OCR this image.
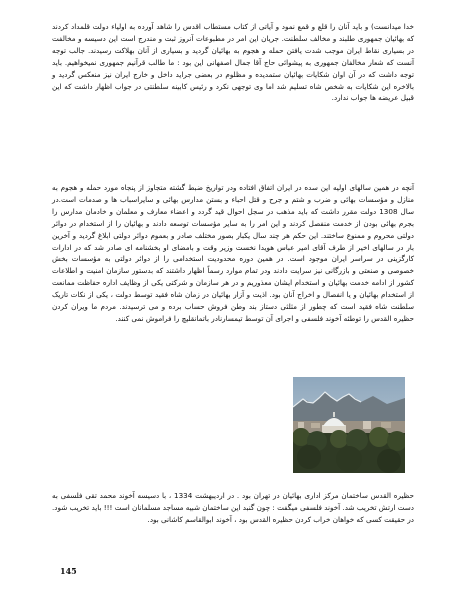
خدا میدانست) و باید آنان را قلع و قمع نمود و آیاتی از کتاب مستطاب اقدس را شاهد آورده به اولیاء دولت قلمداد کردند که بهائیان جمهوری طلبند و مخالف سلطنت. جریان این امر در مطبوعات آنروز ثبت و مندرج است این دسیسه و مخالفت در بسیاری نقاط ایران موجب شدت یافتن حمله و هجوم به بهائیان گردید و بسیاری از آنان بهلاکت رسیدند. جالب توجه آنست که شعار مخالفان جمهوری به پیشوائی حاج آقا جمال اصفهانی این بود : ما طالب قرآنیم جمهوری نمیخواهیم. باید توجه داشت که در آن اوان شکایات بهائیان ستمدیده و مظلوم در بعضی جراید داخل و خارج ایران نیز منعکس گردید و بالاخره این شکایات به شخص شاه تسلیم شد اما وی توجهی نکرد و رئیس کابینه سلطنتی در جواب اظهار داشت که این قبیل عریضه ها جواب ندارد.

آنچه در همین سالهای اولیه این سده در ایران اتفاق افتاده ودر تواریخ ضبط گشته متجاوز از پنجاه مورد حمله و هجوم به منازل و مؤسسات بهائی و ضرب و شتم و جرح و قتل احباء و بستن مدارس بهائی و سایراسباب ها و صدمات است.در سال 1308 دولت مقرر داشت که باید مذهب در سجل احوال قید گردد و اعضاء معارف و معلمان و خادمان مدارس را بجرم بهائی بودن از خدمت منفصل کردند و این امر را به سایر مؤسسات توسعه دادند و بهائیان را از استخدام در دوائر دولتی محروم و ممنوع ساختند. این حکم هر چند سال یکبار بصور مختلف صادر و بعموم دوائر دولتی ابلاغ گردید و آخرین بار در سالهای اخیر از طرف آقای امیر عباس هویدا نخست وزیر وقت و بامضای او بخشنامه ای صادر شد که در ادارات کارگزینی در سراسر ایران موجود است. در همین دوره محدودیت استخدامی را از دوائر دولتی به مؤسسات بخش خصوصی و صنعتی و بازرگانی نیز سرایت دادند ودر تمام موارد رسماً اظهار داشتند که بدستور سازمان امنیت و اطلاعات کشور از ادامه خدمت بهائیان و استخدام ایشان معذوریم و در هر سازمان و شرکتی یکی از وظایف اداره حفاظت ممانعت از استخدام بهائیان و یا انفصال و اخراج آنان بود. اذیت و آزار بهائیان در زمان شاه فقید توسط دولت ، یکی از نکات تاریک سلطنت شاه فقید است که چطور از مثلثی دستاز بند وطن فروش حساب برده و می ترسیدند. مردم ما ویران کردن حظیره القدس را توطئه آخوند فلسفی و اجرای آن توسط تیمسارنادر باتمانقلیچ را فراموش نمی کنند.

حظیره القدس ساختمان مرکز اداری بهائیان در تهران بود . در اردیبهشت 1334 ، با دسیسه آخوند محمد تقی فلسفی به دست ارتش تخریب شد. آخوند فلسفی میگفت : چون گنبد این ساختمان شبیه مساجد مسلمانان است !!! باید تخریب شود. در حقیقت کسی که خواهان خراب کردن حظیره القدس بود ، آخوند ابوالقاسم کاشانی بود.

145
